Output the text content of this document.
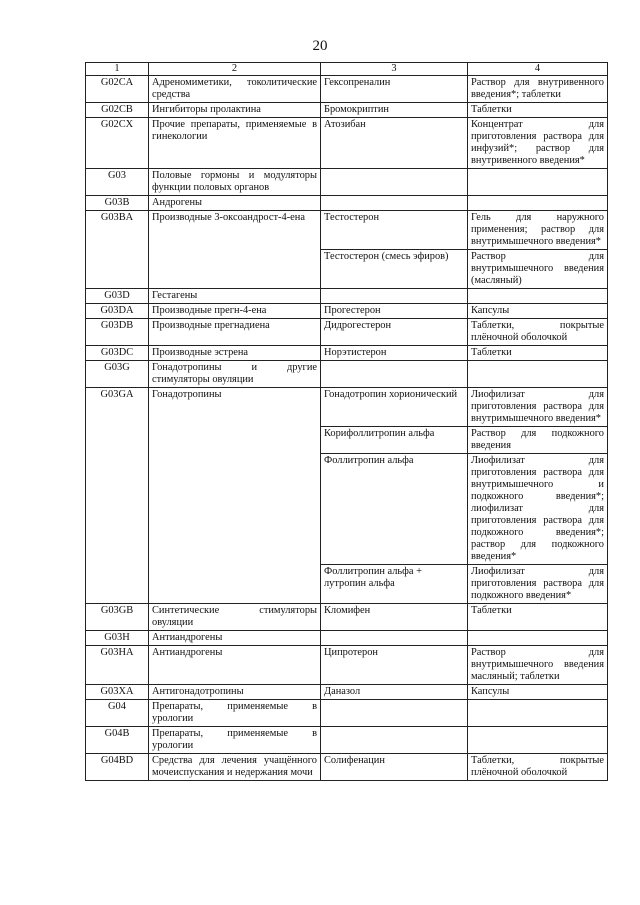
20
1	2	3	4
G02CA	Адреномиметики, токолитические средства	Гексопреналин	Раствор для внутривенного введения*; таблетки
G02CB	Ингибиторы пролактина	Бромокриптин	Таблетки
G02CX	Прочие препараты, применяемые в гинекологии	Атозибан	Концентрат для приготовления раствора для инфузий*; раствор для внутривенного введения*
G03	Половые гормоны и модуляторы функции половых органов		
G03B	Андрогены		
G03BA	Производные 3-оксоандрост-4-ена	Тестостерон	Гель для наружного применения; раствор для внутримышечного введения*
		Тестостерон (смесь эфиров)	Раствор для внутримышечного введения (масляный)
G03D	Гестагены		
G03DA	Производные прегн-4-ена	Прогестерон	Капсулы
G03DB	Производные прегнадиена	Дидрогестерон	Таблетки, покрытые плёночной оболочкой
G03DC	Производные эстрена	Норэтистерон	Таблетки
G03G	Гонадотропины и другие стимуляторы овуляции		
G03GA	Гонадотропины	Гонадотропин хорионический	Лиофилизат для приготовления раствора для внутримышечного введения*
		Корифоллитропин альфа	Раствор для подкожного введения
		Фоллитропин альфа	Лиофилизат для приготовления раствора для внутримышечного и подкожного введения*; лиофилизат для приготовления раствора для подкожного введения*; раствор для подкожного введения*
		Фоллитропин альфа + лутропин альфа	Лиофилизат для приготовления раствора для подкожного введения*
G03GB	Синтетические стимуляторы овуляции	Кломифен	Таблетки
G03H	Антиандрогены		
G03HA	Антиандрогены	Ципротерон	Раствор для внутримышечного введения масляный; таблетки
G03XA	Антигонадотропины	Даназол	Капсулы
G04	Препараты, применяемые в урологии		
G04B	Препараты, применяемые в урологии		
G04BD	Средства для лечения учащённого мочеиспускания и недержания мочи	Солифенацин	Таблетки, покрытые плёночной оболочкой
